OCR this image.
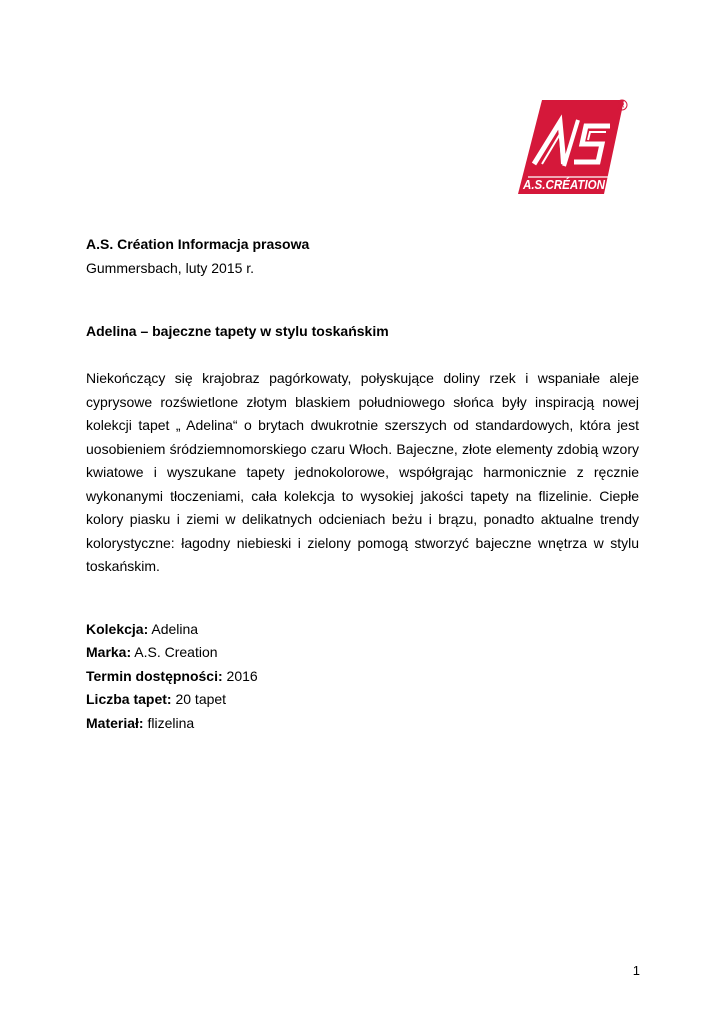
R
A.S.CRÉATION

A.S. Création Informacja prasowa

Gummersbach, luty 2015 r.

Adelina – bajeczne tapety w stylu toskańskim

Niekończący się krajobraz pagórkowaty, połyskujące doliny rzek i wspaniałe aleje cyprysowe rozświetlone złotym blaskiem południowego słońca były inspiracją nowej kolekcji tapet „ Adelina“ o brytach dwukrotnie szerszych od standardowych, która jest uosobieniem śródziemnomorskiego czaru Włoch. Bajeczne, złote elementy zdobią wzory kwiatowe i wyszukane tapety jednokolorowe, współgrając harmonicznie z ręcznie wykonanymi tłoczeniami, cała kolekcja to wysokiej jakości tapety na flizelinie. Ciepłe kolory piasku i ziemi w delikatnych odcieniach beżu i brązu, ponadto aktualne trendy kolorystyczne: łagodny niebieski i zielony pomogą stworzyć bajeczne wnętrza w stylu toskańskim.

Kolekcja: Adelina

Marka: A.S. Creation

Termin dostępności: 2016

Liczba tapet: 20 tapet

Materiał: flizelina

1
